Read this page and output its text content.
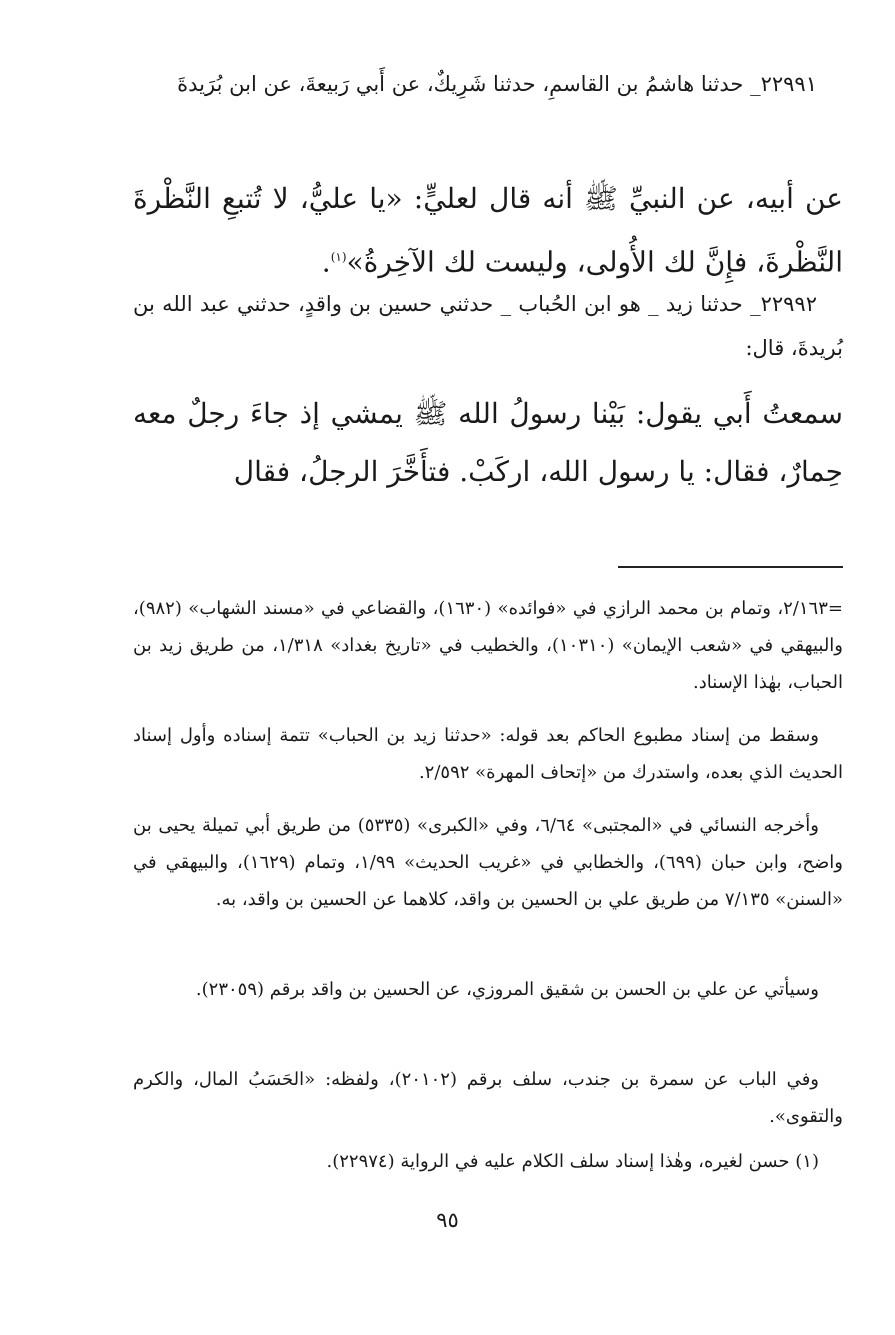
٢٢٩٩١_ حدثنا هاشمُ بن القاسمِ، حدثنا شَرِيكٌ، عن أَبي رَبيعةَ، عن ابن بُرَيدةَ

عن أبيه، عن النبيِّ ﷺ أنه قال لعليٍّ: «يا عليُّ، لا تُتبعِ النَّظْرةَ النَّظْرةَ، فإِنَّ لك الأُولى، وليست لك الآخِرةُ»$^{(١)}$.

٢٢٩٩٢_ حدثنا زيد _ هو ابن الحُباب _ حدثني حسين بن واقدٍ، حدثني عبد الله بن بُريدةَ، قال:

سمعتُ أَبي يقول: بَيْنا رسولُ الله ﷺ يمشي إذ جاءَ رجلٌ معه حِمارٌ، فقال: يا رسول الله، اركَبْ. فتأَخَّرَ الرجلُ، فقال

=٢/١٦٣، وتمام بن محمد الرازي في «فوائده» (١٦٣٠)، والقضاعي في «مسند الشهاب» (٩٨٢)، والبيهقي في «شعب الإيمان» (١٠٣١٠)، والخطيب في «تاريخ بغداد» ١/٣١٨، من طريق زيد بن الحباب، بهٰذا الإسناد.

وسقط من إسناد مطبوع الحاكم بعد قوله: «حدثنا زيد بن الحباب» تتمة إسناده وأول إسناد الحديث الذي بعده، واستدرك من «إتحاف المهرة» ٢/٥٩٢.

وأخرجه النسائي في «المجتبى» ٦/٦٤، وفي «الكبرى» (٥٣٣٥) من طريق أبي تميلة يحيى بن واضح، وابن حبان (٦٩٩)، والخطابي في «غريب الحديث» ١/٩٩، وتمام (١٦٢٩)، والبيهقي في «السنن» ٧/١٣٥ من طريق علي بن الحسين بن واقد، كلاهما عن الحسين بن واقد، به.

وسيأتي عن علي بن الحسن بن شقيق المروزي، عن الحسين بن واقد برقم (٢٣٠٥٩).

وفي الباب عن سمرة بن جندب، سلف برقم (٢٠١٠٢)، ولفظه: «الحَسَبُ المال، والكرم والتقوى».

(١) حسن لغيره، وهٰذا إسناد سلف الكلام عليه في الرواية (٢٢٩٧٤).

٩٥
